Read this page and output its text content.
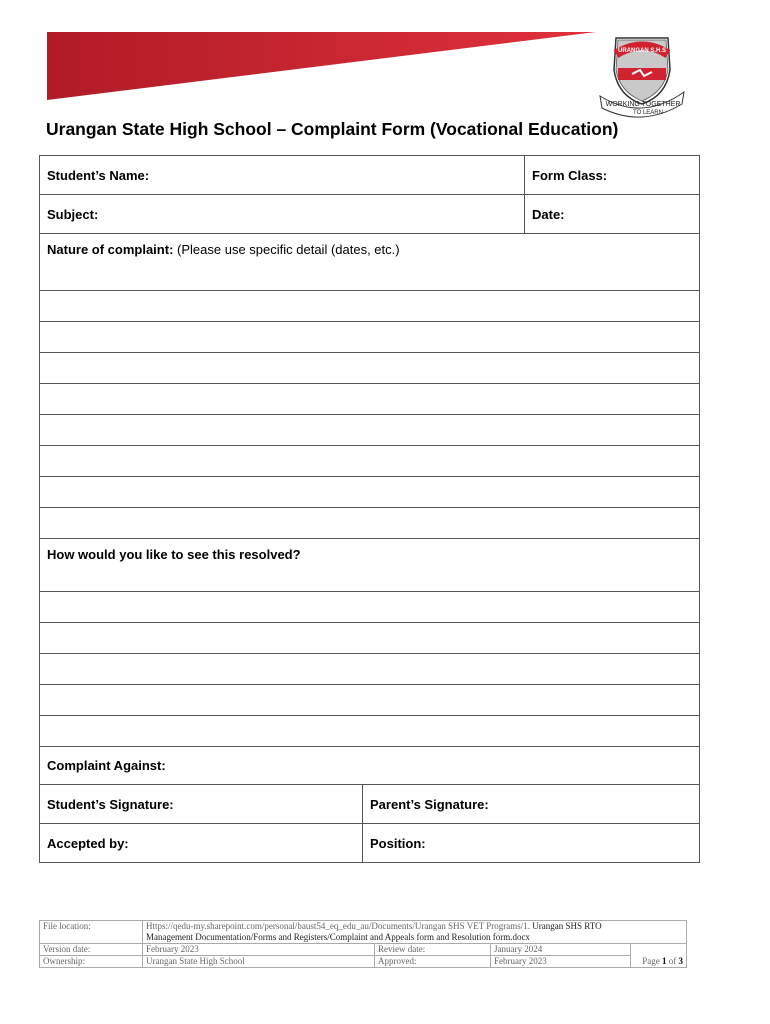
URANGAN S.H.S
WORKING TOGETHER
TO LEARN
Urangan State High School – Complaint Form (Vocational Education)
Student’s Name:		Form Class:
Subject:		Date:
Nature of complaint: (Please use specific detail (dates, etc.)		

How would you like to see this resolved?		

Complaint Against:		
Student’s Signature:	Parent’s Signature:	
Accepted by:	Position:	
File location:	Https://qedu-my.sharepoint.com/personal/baust54_eq_edu_au/Documents/Urangan SHS VET Programs/1. Urangan SHS RTO
Management Documentation/Forms and Registers/Complaint and Appeals form and Resolution form.docx			
Version date:	February 2023	Review date:	January 2024	Page 1 of 3
Ownership:	Urangan State High School	Approved:	February 2023	
